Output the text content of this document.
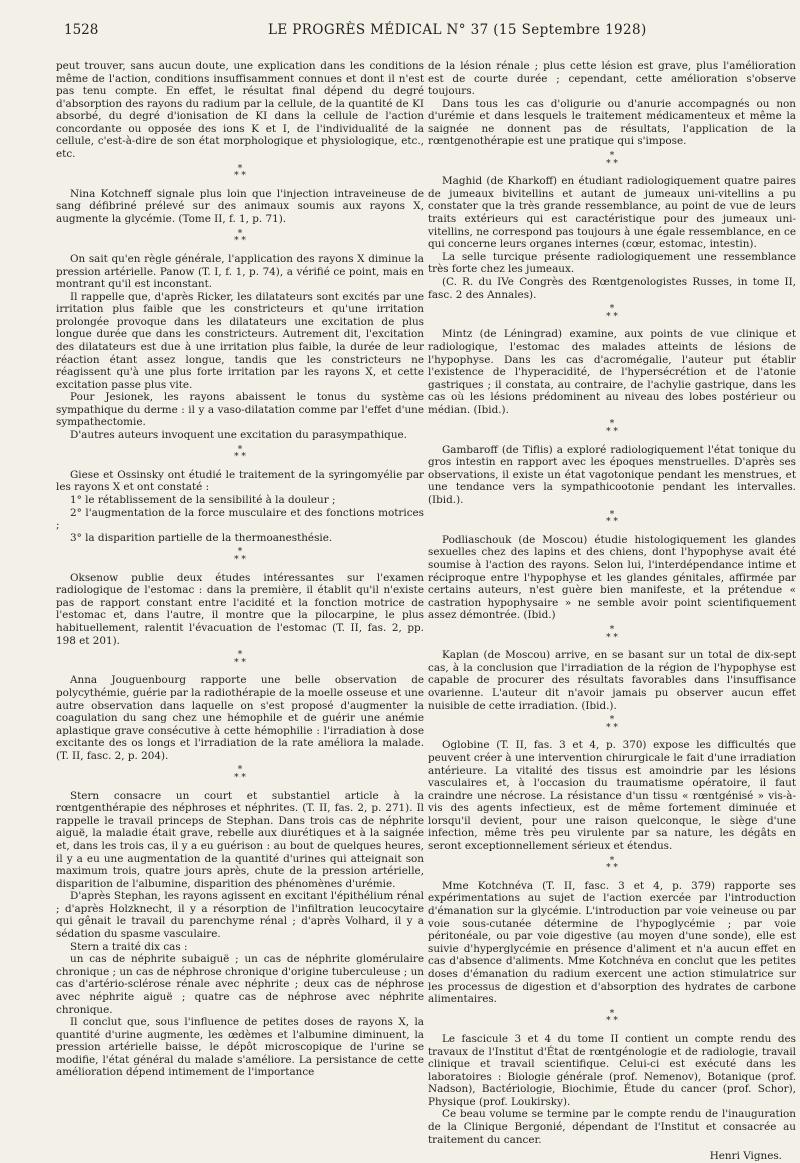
1528	LE PROGRÈS MÉDICAL N° 37 (15 Septembre 1928)

peut trouver, sans aucun doute, une explication dans les conditions même de l'action, conditions insuffisamment connues et dont il n'est pas tenu compte. En effet, le résultat final dépend du degré d'absorption des rayons du radium par la cellule, de la quantité de KI absorbé, du degré d'ionisation de KI dans la cellule de l'action concordante ou opposée des ions K et I, de l'individualité de la cellule, c'est-à-dire de son état morphologique et physiologique, etc., etc.

*
* *

Nina Kotchneff signale plus loin que l'injection intraveineuse de sang défibriné prélevé sur des animaux soumis aux rayons X, augmente la glycémie. (Tome II, f. 1, p. 71).

*
* *

On sait qu'en règle générale, l'application des rayons X diminue la pression artérielle. Panow (T. I, f. 1, p. 74), a vérifié ce point, mais en montrant qu'il est inconstant.

Il rappelle que, d'après Ricker, les dilatateurs sont excités par une irritation plus faible que les constricteurs et qu'une irritation prolongée provoque dans les dilatateurs une excitation de plus longue durée que dans les constricteurs. Autrement dit, l'excitation des dilatateurs est due à une irritation plus faible, la durée de leur réaction étant assez longue, tandis que les constricteurs ne réagissent qu'à une plus forte irritation par les rayons X, et cette excitation passe plus vite.

Pour Jesionek, les rayons abaissent le tonus du système sympathique du derme : il y a vaso-dilatation comme par l'effet d'une sympathectomie.

D'autres auteurs invoquent une excitation du parasympathique.

*
* *

Giese et Ossinsky ont étudié le traitement de la syringomyélie par les rayons X et ont constaté :

1° le rétablissement de la sensibilité à la douleur ;

2° l'augmentation de la force musculaire et des fonctions motrices ;

3° la disparition partielle de la thermoanesthésie.

*
* *

Oksenow publie deux études intéressantes sur l'examen radiologique de l'estomac : dans la première, il établit qu'il n'existe pas de rapport constant entre l'acidité et la fonction motrice de l'estomac et, dans l'autre, il montre que la pilocarpine, le plus habituellement, ralentit l'évacuation de l'estomac (T. II, fas. 2, pp. 198 et 201).

*
* *

Anna Jouguenbourg rapporte une belle observation de polycythémie, guérie par la radiothérapie de la moelle osseuse et une autre observation dans laquelle on s'est proposé d'augmenter la coagulation du sang chez une hémophile et de guérir une anémie aplastique grave consécutive à cette hémophilie : l'irradiation à dose excitante des os longs et l'irradiation de la rate améliora la malade. (T. II, fasc. 2, p. 204).

*
* *

Stern consacre un court et substantiel article à la rœntgenthérapie des néphroses et néphrites. (T. II, fas. 2, p. 271). Il rappelle le travail princeps de Stephan. Dans trois cas de néphrite aiguë, la maladie était grave, rebelle aux diurétiques et à la saignée et, dans les trois cas, il y a eu guérison : au bout de quelques heures, il y a eu une augmentation de la quantité d'urines qui atteignait son maximum trois, quatre jours après, chute de la pression artérielle, disparition de l'albumine, disparition des phénomènes d'urémie.

D'après Stephan, les rayons agissent en excitant l'épithélium rénal ; d'après Holzknecht, il y a résorption de l'infiltration leucocytaire qui gênait le travail du parenchyme rénal ; d'après Volhard, il y a sédation du spasme vasculaire.

Stern a traité dix cas :

un cas de néphrite subaiguë ; un cas de néphrite glomérulaire chronique ; un cas de néphrose chronique d'origine tuberculeuse ; un cas d'artério-sclérose rénale avec néphrite ; deux cas de néphrose avec néphrite aiguë ; quatre cas de néphrose avec néphrite chronique.

Il conclut que, sous l'influence de petites doses de rayons X, la quantité d'urine augmente, les œdèmes et l'albumine diminuent, la pression artérielle baisse, le dépôt microscopique de l'urine se modifie, l'état général du malade s'améliore. La persistance de cette amélioration dépend intimement de l'importance

de la lésion rénale ; plus cette lésion est grave, plus l'amélioration est de courte durée ; cependant, cette amélioration s'observe toujours.

Dans tous les cas d'oligurie ou d'anurie accompagnés ou non d'urémie et dans lesquels le traitement médicamenteux et même la saignée ne donnent pas de résultats, l'application de la rœntgenothérapie est une pratique qui s'impose.

*
* *

Maghid (de Kharkoff) en étudiant radiologiquement quatre paires de jumeaux bivitellins et autant de jumeaux uni-vitellins a pu constater que la très grande ressemblance, au point de vue de leurs traits extérieurs qui est caractéristique pour des jumeaux uni-vitellins, ne correspond pas toujours à une égale ressemblance, en ce qui concerne leurs organes internes (cœur, estomac, intestin).

La selle turcique présente radiologiquement une ressemblance très forte chez les jumeaux.

(C. R. du IVe Congrès des Rœntgenologistes Russes, in tome II, fasc. 2 des Annales).

*
* *

Mintz (de Léningrad) examine, aux points de vue clinique et radiologique, l'estomac des malades atteints de lésions de l'hypophyse. Dans les cas d'acromégalie, l'auteur put établir l'existence de l'hyperacidité, de l'hypersécrétion et de l'atonie gastriques ; il constata, au contraire, de l'achylie gastrique, dans les cas où les lésions prédominent au niveau des lobes postérieur ou médian. (Ibid.).

*
* *

Gambaroff (de Tiflis) a exploré radiologiquement l'état tonique du gros intestin en rapport avec les époques menstruelles. D'après ses observations, il existe un état vagotonique pendant les menstrues, et une tendance vers la sympathicootonie pendant les intervalles. (Ibid.).

*
* *

Podliaschouk (de Moscou) étudie histologiquement les glandes sexuelles chez des lapins et des chiens, dont l'hypophyse avait été soumise à l'action des rayons. Selon lui, l'interdépendance intime et réciproque entre l'hypophyse et les glandes génitales, affirmée par certains auteurs, n'est guère bien manifeste, et la prétendue « castration hypophysaire » ne semble avoir point scientifiquement assez démontrée. (Ibid.)

*
* *

Kaplan (de Moscou) arrive, en se basant sur un total de dix-sept cas, à la conclusion que l'irradiation de la région de l'hypophyse est capable de procurer des résultats favorables dans l'insuffisance ovarienne. L'auteur dit n'avoir jamais pu observer aucun effet nuisible de cette irradiation. (Ibid.).

*
* *

Oglobine (T. II, fas. 3 et 4, p. 370) expose les difficultés que peuvent créer à une intervention chirurgicale le fait d'une irradiation antérieure. La vitalité des tissus est amoindrie par les lésions vasculaires et, à l'occasion du traumatisme opératoire, il faut craindre une nécrose. La résistance d'un tissu « rœntgénisé » vis-à-vis des agents infectieux, est de même fortement diminuée et lorsqu'il devient, pour une raison quelconque, le siège d'une infection, même très peu virulente par sa nature, les dégâts en seront exceptionnellement sérieux et étendus.

*
* *

Mme Kotchnéva (T. II, fasc. 3 et 4, p. 379) rapporte ses expérimentations au sujet de l'action exercée par l'introduction d'émanation sur la glycémie. L'introduction par voie veineuse ou par voie sous-cutanée détermine de l'hypoglycémie ; par voie péritonéale, ou par voie digestive (au moyen d'une sonde), elle est suivie d'hyperglycémie en présence d'aliment et n'a aucun effet en cas d'absence d'aliments. Mme Kotchnéva en conclut que les petites doses d'émanation du radium exercent une action stimulatrice sur les processus de digestion et d'absorption des hydrates de carbone alimentaires.

*
* *

Le fascicule 3 et 4 du tome II contient un compte rendu des travaux de l'Institut d'État de rœntgénologie et de radiologie, travail clinique et travail scientifique. Celui-ci est exécuté dans les laboratoires : Biologie générale (prof. Nemenov), Botanique (prof. Nadson), Bactériologie, Biochimie, Étude du cancer (prof. Schor), Physique (prof. Loukirsky).

Ce beau volume se termine par le compte rendu de l'inauguration de la Clinique Bergonié, dépendant de l'Institut et consacrée au traitement du cancer.

Henri Vignes.
